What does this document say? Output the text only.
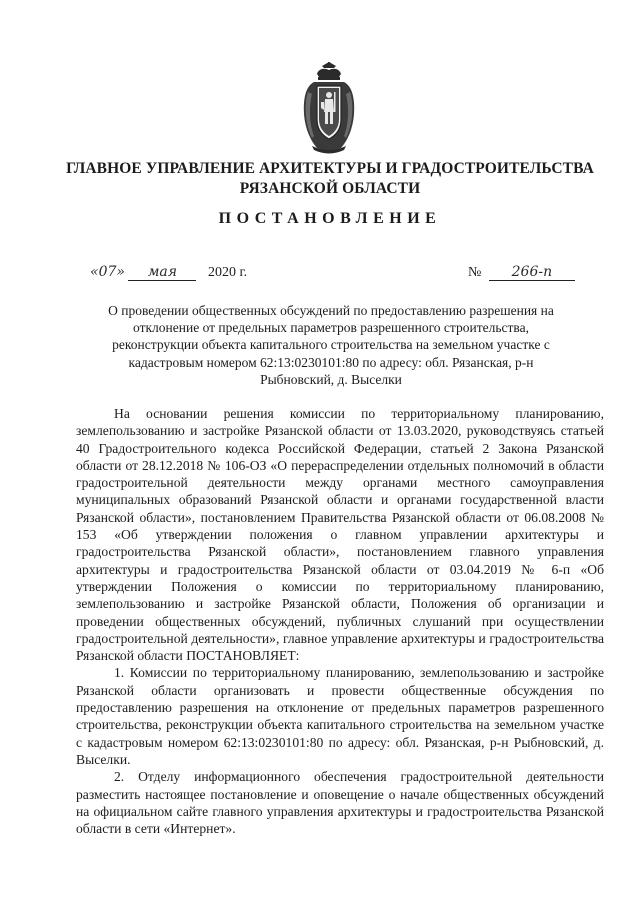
ГЛАВНОЕ УПРАВЛЕНИЕ АРХИТЕКТУРЫ И ГРАДОСТРОИТЕЛЬСТВА
РЯЗАНСКОЙ ОБЛАСТИ
ПОСТАНОВЛЕНИЕ
«07» мая 2020 г.	№ 266-п
О проведении общественных обсуждений по предоставлению разрешения на отклонение от предельных параметров разрешенного строительства, реконструкции объекта капитального строительства на земельном участке с кадастровым номером 62:13:0230101:80 по адресу: обл. Рязанская, р-н Рыбновский, д. Выселки

На основании решения комиссии по территориальному планированию, землепользованию и застройке Рязанской области от 13.03.2020, руководствуясь статьей 40 Градостроительного кодекса Российской Федерации, статьей 2 Закона Рязанской области от 28.12.2018 № 106-ОЗ «О перераспределении отдельных полномочий в области градостроительной деятельности между органами местного самоуправления муниципальных образований Рязанской области и органами государственной власти Рязанской области», постановлением Правительства Рязанской области от 06.08.2008 № 153 «Об утверждении положения о главном управлении архитектуры и градостроительства Рязанской области», постановлением главного управления архитектуры и градостроительства Рязанской области от 03.04.2019 № 6-п «Об утверждении Положения о комиссии по территориальному планированию, землепользованию и застройке Рязанской области, Положения об организации и проведении общественных обсуждений, публичных слушаний при осуществлении градостроительной деятельности», главное управление архитектуры и градостроительства Рязанской области ПОСТАНОВЛЯЕТ:

1. Комиссии по территориальному планированию, землепользованию и застройке Рязанской области организовать и провести общественные обсуждения по предоставлению разрешения на отклонение от предельных параметров разрешенного строительства, реконструкции объекта капитального строительства на земельном участке с кадастровым номером 62:13:0230101:80 по адресу: обл. Рязанская, р-н Рыбновский, д. Выселки.

2. Отделу информационного обеспечения градостроительной деятельности разместить настоящее постановление и оповещение о начале общественных обсуждений на официальном сайте главного управления архитектуры и градостроительства Рязанской области в сети «Интернет».
